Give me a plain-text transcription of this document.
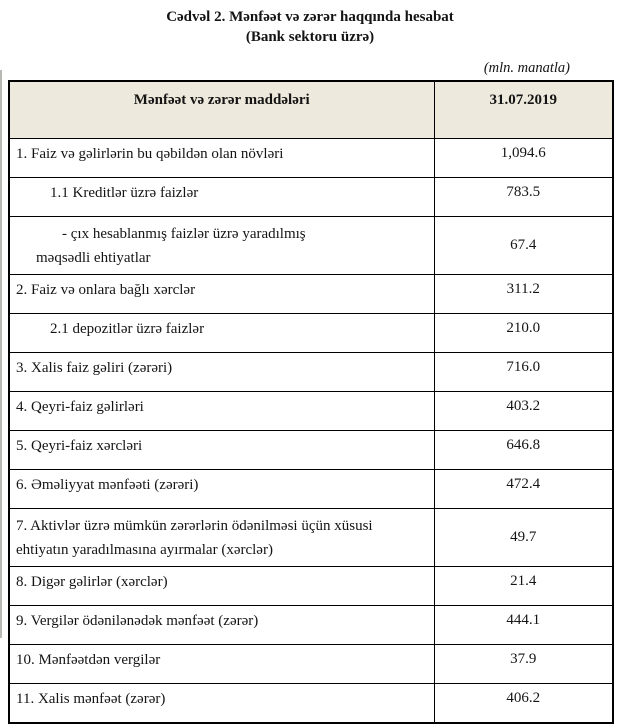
Cədvəl 2. Mənfəət və zərər haqqında hesabat
(Bank sektoru üzrə)
(mln. manatla)
Mənfəət və zərər maddələri	31.07.2019
1. Faiz və gəlirlərin bu qəbildən olan növləri	1,094.6
1.1 Kreditlər üzrə faizlər	783.5

- çıx hesablanmış faizlər üzrə yaradılmış
məqsədli ehtiyatlar	67.4
2. Faiz və onlara bağlı xərclər	311.2
2.1 depozitlər üzrə faizlər	210.0
3. Xalis faiz gəliri (zərəri)	716.0
4. Qeyri-faiz gəlirləri	403.2
5. Qeyri-faiz xərcləri	646.8
6. Əməliyyat mənfəəti (zərəri)	472.4

7. Aktivlər üzrə mümkün zərərlərin ödənilməsi üçün xüsusi
ehtiyatın yaradılmasına ayırmalar (xərclər)	49.7
8. Digər gəlirlər (xərclər)	21.4
9. Vergilər ödənilənədək mənfəət (zərər)	444.1
10. Mənfəətdən vergilər	37.9
11. Xalis mənfəət (zərər)	406.2
